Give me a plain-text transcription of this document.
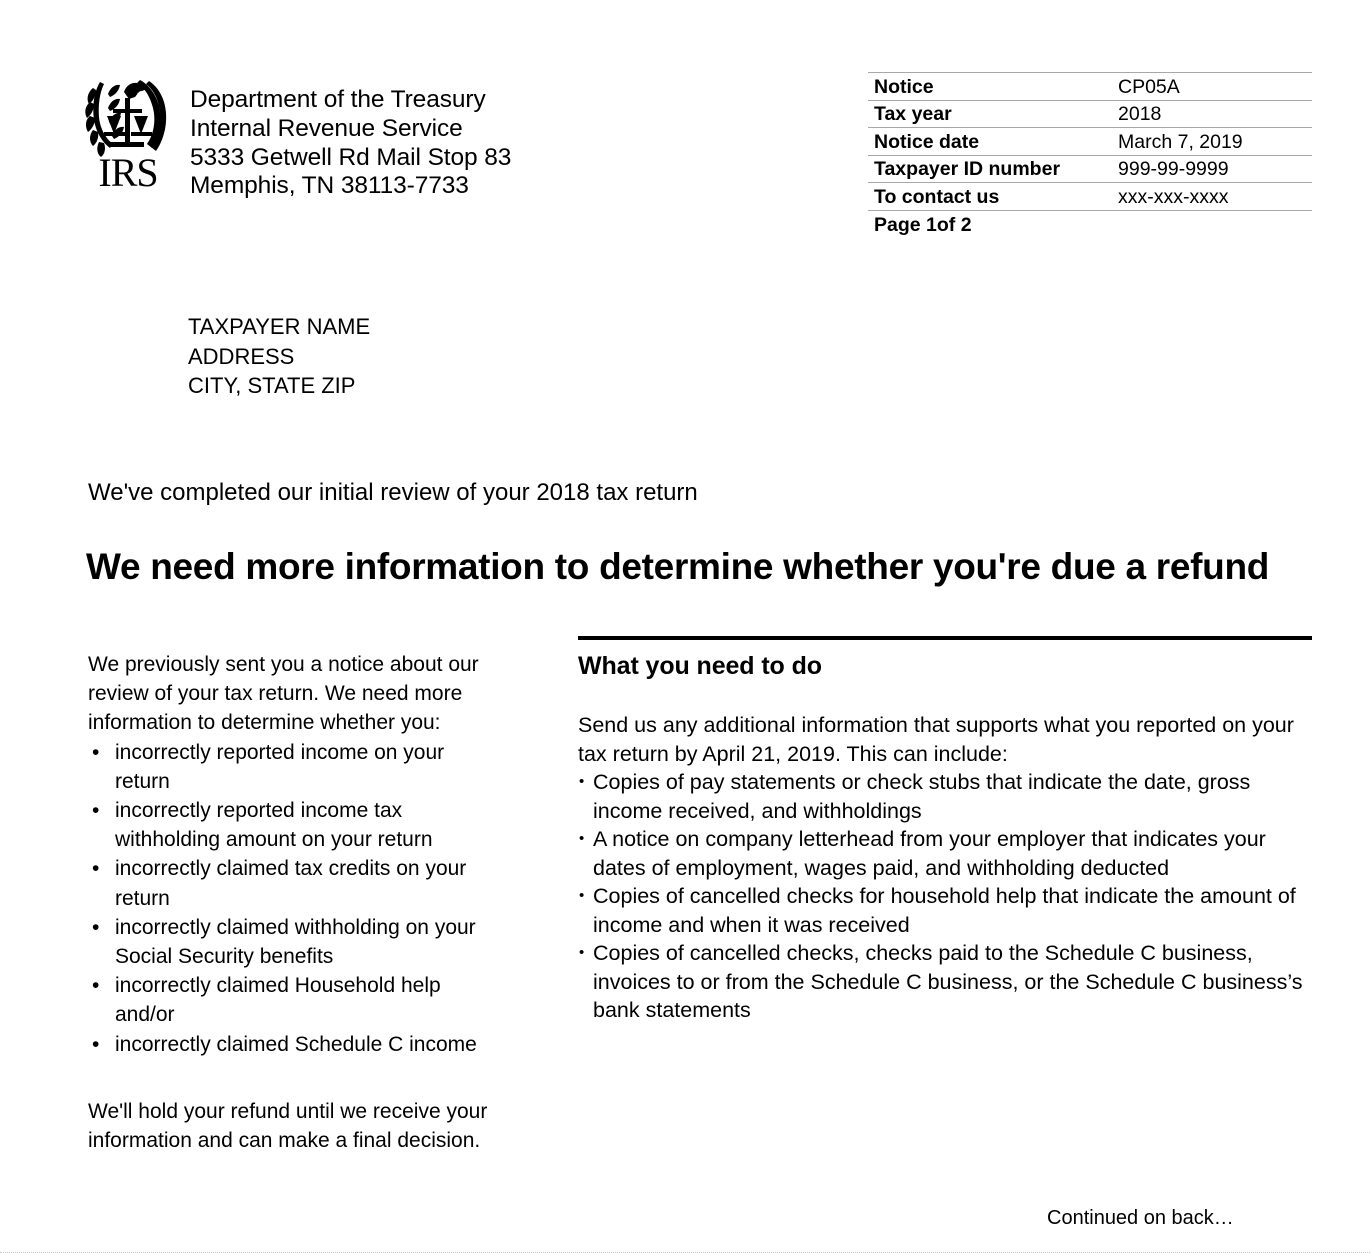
IRS
Department of the Treasury
Internal Revenue Service
5333 Getwell Rd Mail Stop 83
Memphis, TN 38113-7733
Notice	CP05A
Tax year	2018
Notice date	March 7, 2019
Taxpayer ID number	999-99-9999
To contact us	xxx-xxx-xxxx
Page 1of 2	
TAXPAYER NAME
ADDRESS
CITY, STATE ZIP
We've completed our initial review of your 2018 tax return
We need more information to determine whether you're due a refund

We previously sent you a notice about our review of your tax return. We need more information to determine whether you:

• incorrectly reported income on your return
• incorrectly reported income tax withholding amount on your return
• incorrectly claimed tax credits on your return
• incorrectly claimed withholding on your Social Security benefits
• incorrectly claimed Household help and/or
• incorrectly claimed Schedule C income

We'll hold your refund until we receive your information and can make a final decision.

What you need to do

Send us any additional information that supports what you reported on your tax return by April 21, 2019. This can include:

• Copies of pay statements or check stubs that indicate the date, gross income received, and withholdings
• A notice on company letterhead from your employer that indicates your dates of employment, wages paid, and withholding deducted
• Copies of cancelled checks for household help that indicate the amount of income and when it was received
• Copies of cancelled checks, checks paid to the Schedule C business, invoices to or from the Schedule C business, or the Schedule C business’s bank statements
Continued on back…
